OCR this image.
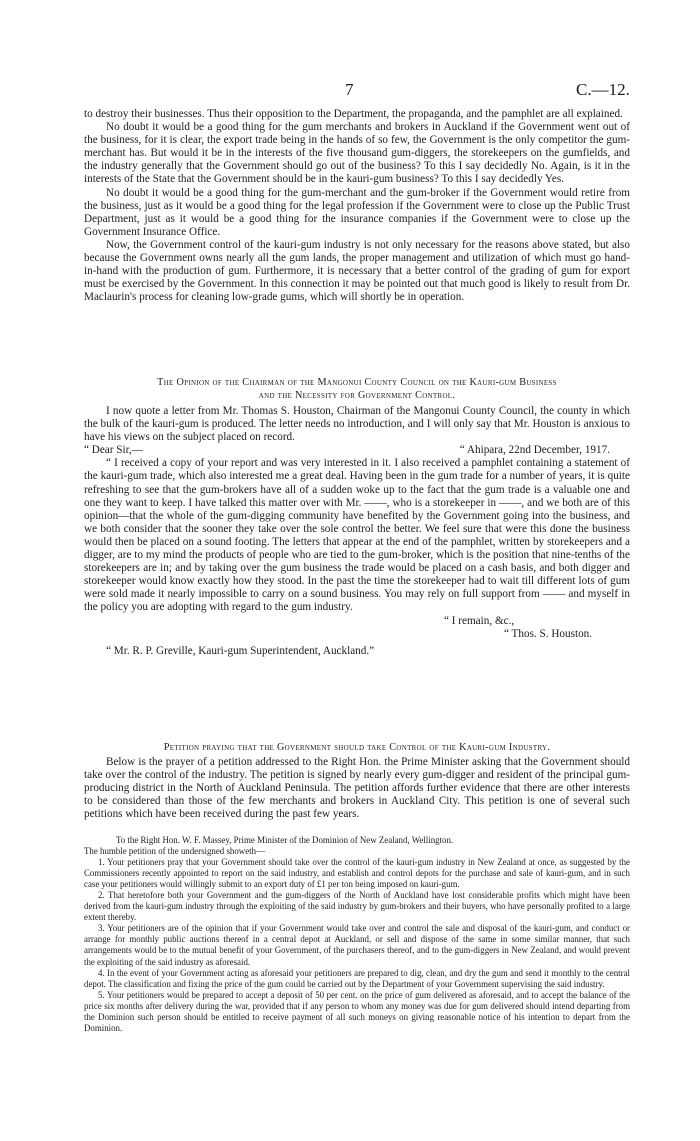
7	C.—12.

to destroy their businesses. Thus their opposition to the Department, the propaganda, and the pamphlet are all explained.

No doubt it would be a good thing for the gum merchants and brokers in Auckland if the Government went out of the business, for it is clear, the export trade being in the hands of so few, the Government is the only competitor the gum-merchant has. But would it be in the interests of the five thousand gum-diggers, the storekeepers on the gumfields, and the industry generally that the Government should go out of the business? To this I say decidedly No. Again, is it in the interests of the State that the Government should be in the kauri-gum business? To this I say decidedly Yes.

No doubt it would be a good thing for the gum-merchant and the gum-broker if the Government would retire from the business, just as it would be a good thing for the legal profession if the Government were to close up the Public Trust Department, just as it would be a good thing for the insurance companies if the Government were to close up the Government Insurance Office.

Now, the Government control of the kauri-gum industry is not only necessary for the reasons above stated, but also because the Government owns nearly all the gum lands, the proper management and utilization of which must go hand-in-hand with the production of gum. Furthermore, it is necessary that a better control of the grading of gum for export must be exercised by the Government. In this connection it may be pointed out that much good is likely to result from Dr. Maclaurin's process for cleaning low-grade gums, which will shortly be in operation.

The Opinion of the Chairman of the Mangonui County Council on the Kauri-gum Business
and the Necessity for Government Control.

I now quote a letter from Mr. Thomas S. Houston, Chairman of the Mangonui County Council, the county in which the bulk of the kauri-gum is produced. The letter needs no introduction, and I will only say that Mr. Houston is anxious to have his views on the subject placed on record.

“ Dear Sir,—	“ Ahipara, 22nd December, 1917.

“ I received a copy of your report and was very interested in it. I also received a pamphlet containing a statement of the kauri-gum trade, which also interested me a great deal. Having been in the gum trade for a number of years, it is quite refreshing to see that the gum-brokers have all of a sudden woke up to the fact that the gum trade is a valuable one and one they want to keep. I have talked this matter over with Mr. ——, who is a storekeeper in ——, and we both are of this opinion—that the whole of the gum-digging community have benefited by the Government going into the business, and we both consider that the sooner they take over the sole control the better. We feel sure that were this done the business would then be placed on a sound footing. The letters that appear at the end of the pamphlet, written by storekeepers and a digger, are to my mind the products of people who are tied to the gum-broker, which is the position that nine-tenths of the storekeepers are in; and by taking over the gum business the trade would be placed on a cash basis, and both digger and storekeeper would know exactly how they stood. In the past the time the storekeeper had to wait till different lots of gum were sold made it nearly impossible to carry on a sound business. You may rely on full support from —— and myself in the policy you are adopting with regard to the gum industry.

“ I remain, &c.,

“ Thos. S. Houston.

“ Mr. R. P. Greville, Kauri-gum Superintendent, Auckland.”

Petition praying that the Government should take Control of the Kauri-gum Industry.

Below is the prayer of a petition addressed to the Right Hon. the Prime Minister asking that the Government should take over the control of the industry. The petition is signed by nearly every gum-digger and resident of the principal gum-producing district in the North of Auckland Peninsula. The petition affords further evidence that there are other interests to be considered than those of the few merchants and brokers in Auckland City. This petition is one of several such petitions which have been received during the past few years.

To the Right Hon. W. F. Massey, Prime Minister of the Dominion of New Zealand, Wellington.

The humble petition of the undersigned showeth—

1. Your petitioners pray that your Government should take over the control of the kauri-gum industry in New Zealand at once, as suggested by the Commissioners recently appointed to report on the said industry, and establish and control depots for the purchase and sale of kauri-gum, and in such case your petitioners would willingly submit to an export duty of £1 per ton being imposed on kauri-gum.

2. That heretofore both your Government and the gum-diggers of the North of Auckland have lost considerable profits which might have been derived from the kauri-gum industry through the exploiting of the said industry by gum-brokers and their buyers, who have personally profited to a large extent thereby.

3. Your petitioners are of the opinion that if your Government would take over and control the sale and disposal of the kauri-gum, and conduct or arrange for monthly public auctions thereof in a central depot at Auckland, or sell and dispose of the same in some similar manner, that such arrangements would be to the mutual benefit of your Government, of the purchasers thereof, and to the gum-diggers in New Zealand, and would prevent the exploiting of the said industry as aforesaid.

4. In the event of your Government acting as aforesaid your petitioners are prepared to dig, clean, and dry the gum and send it monthly to the central depot. The classification and fixing the price of the gum could be carried out by the Department of your Government supervising the said industry.

5. Your petitioners would be prepared to accept a deposit of 50 per cent. on the price of gum delivered as aforesaid, and to accept the balance of the price six months after delivery during the war, provided that if any person to whom any money was due for gum delivered should intend departing from the Dominion such person should be entitled to receive payment of all such moneys on giving reasonable notice of his intention to depart from the Dominion.
